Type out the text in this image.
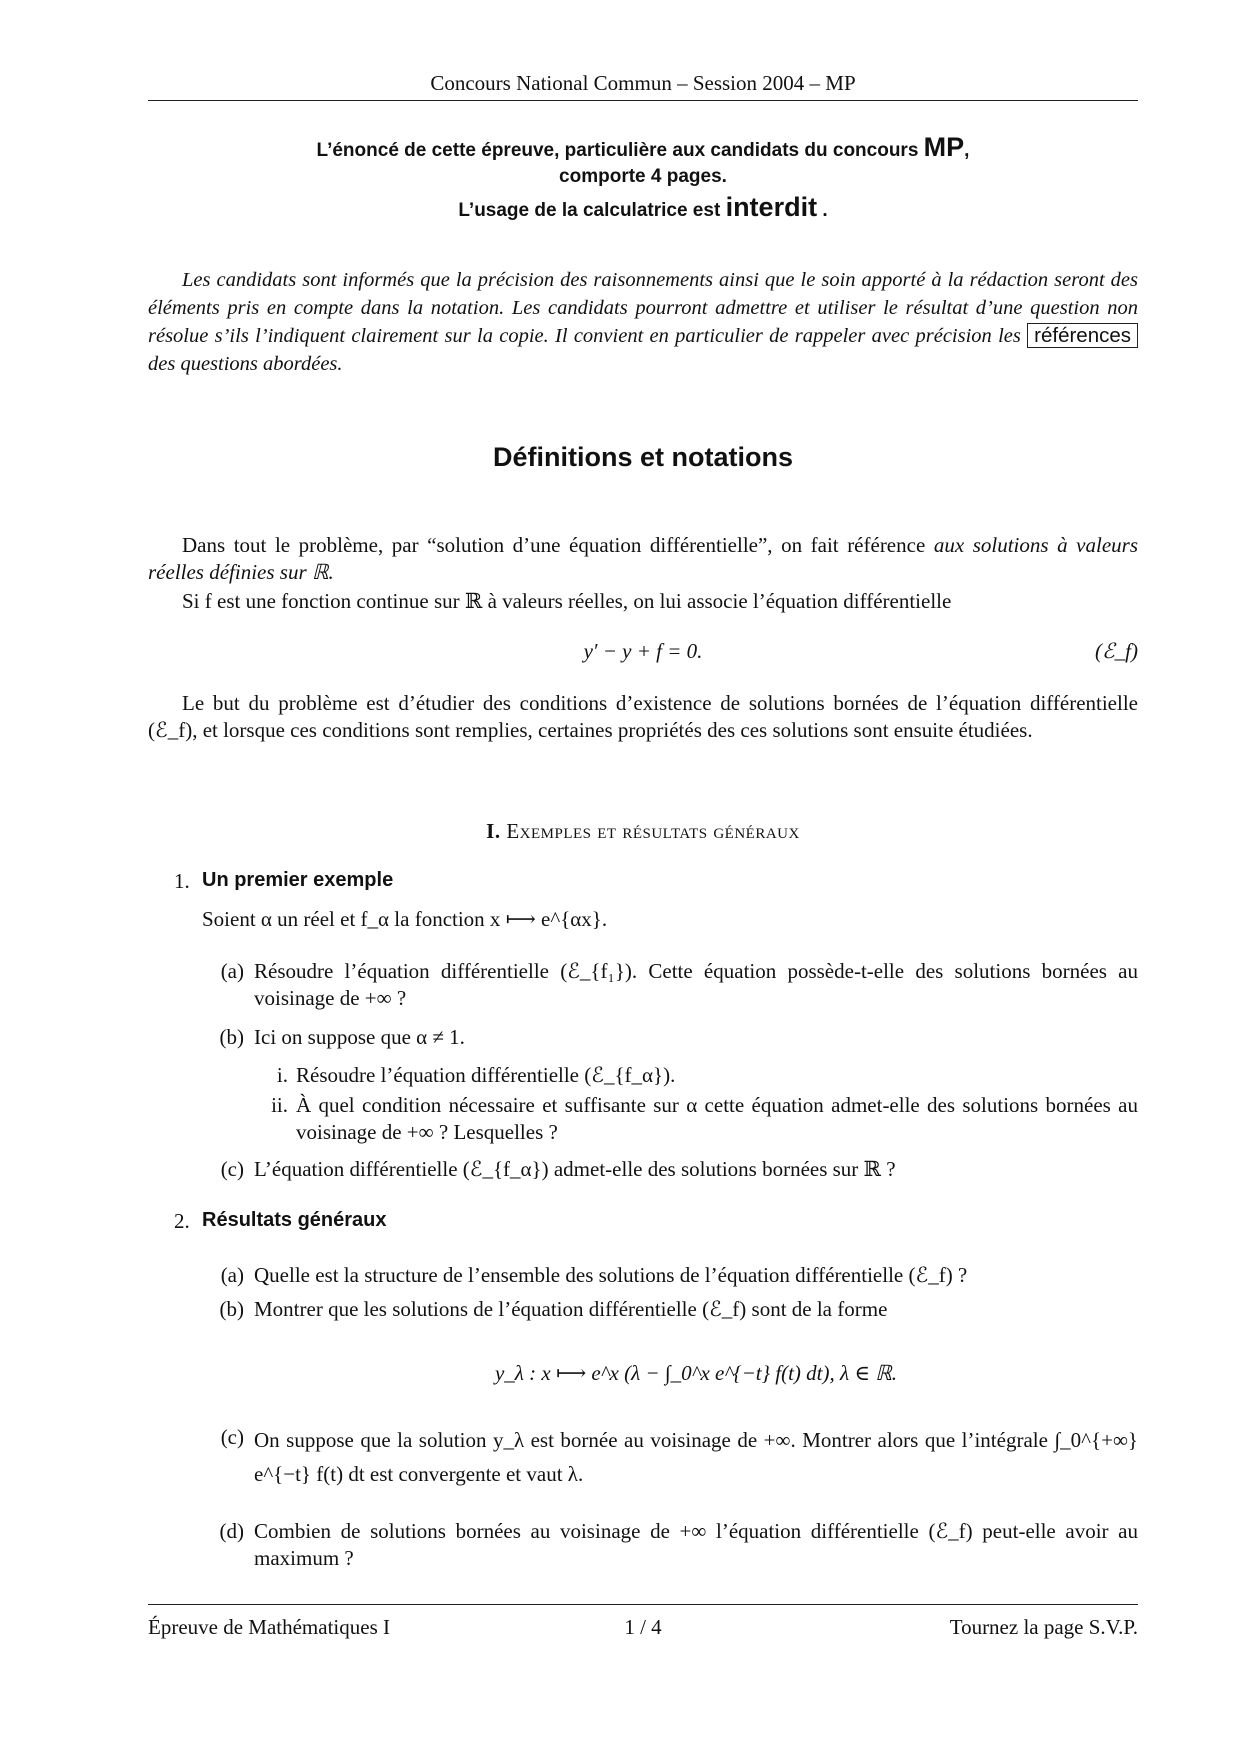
Concours National Commun – Session 2004 – MP
L’énoncé de cette épreuve, particulière aux candidats du concours MP,
comporte 4 pages.
L’usage de la calculatrice est interdit .
Les candidats sont informés que la précision des raisonnements ainsi que le soin apporté à la rédaction seront des éléments pris en compte dans la notation. Les candidats pourront admettre et utiliser le résultat d’une question non résolue s’ils l’indiquent clairement sur la copie. Il convient en particulier de rappeler avec précision les références des questions abordées.
Définitions et notations
Dans tout le problème, par “solution d’une équation différentielle”, on fait référence aux solutions à valeurs réelles définies sur ℝ.
Si f est une fonction continue sur ℝ à valeurs réelles, on lui associe l’équation différentielle
y′ − y + f = 0.	(ℰ_f)
Le but du problème est d’étudier des conditions d’existence de solutions bornées de l’équation différentielle (ℰ_f), et lorsque ces conditions sont remplies, certaines propriétés des ces solutions sont ensuite étudiées.
I. Exemples et résultats généraux
1. Un premier exemple
Soient α un réel et f_α la fonction x ⟼ e^{αx}.
(a) Résoudre l’équation différentielle (ℰ_{f₁}). Cette équation possède-t-elle des solutions bornées au voisinage de +∞ ?
(b) Ici on suppose que α ≠ 1.
i. Résoudre l’équation différentielle (ℰ_{f_α}).
ii. À quel condition nécessaire et suffisante sur α cette équation admet-elle des solutions bornées au voisinage de +∞ ? Lesquelles ?
(c) L’équation différentielle (ℰ_{f_α}) admet-elle des solutions bornées sur ℝ ?
2. Résultats généraux
(a) Quelle est la structure de l’ensemble des solutions de l’équation différentielle (ℰ_f) ?
(b) Montrer que les solutions de l’équation différentielle (ℰ_f) sont de la forme
y_λ : x ⟼ e^x (λ − ∫_0^x e^{−t} f(t) dt), λ ∈ ℝ.
(c) On suppose que la solution y_λ est bornée au voisinage de +∞. Montrer alors que l’intégrale ∫_0^{+∞} e^{−t} f(t) dt est convergente et vaut λ.
(d) Combien de solutions bornées au voisinage de +∞ l’équation différentielle (ℰ_f) peut-elle avoir au maximum ?
Épreuve de Mathématiques I	1 / 4	Tournez la page S.V.P.
